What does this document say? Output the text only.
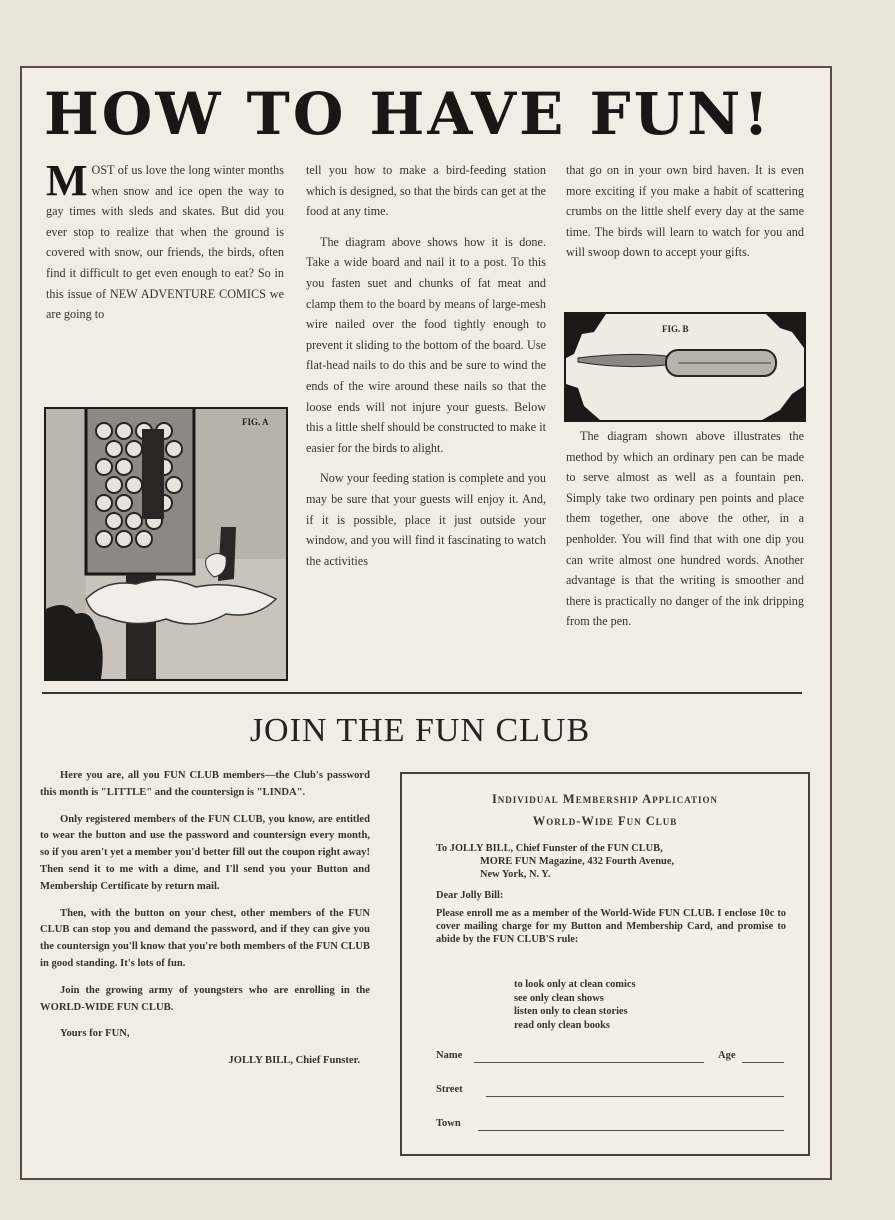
HOW TO HAVE FUN!

MOST of us love the long winter months when snow and ice open the way to gay times with sleds and skates. But did you ever stop to realize that when the ground is covered with snow, our friends, the birds, often find it difficult to get even enough to eat? So in this issue of NEW ADVENTURE COMICS we are going to

FIG. A

tell you how to make a bird-feeding station which is designed, so that the birds can get at the food at any time.

The diagram above shows how it is done. Take a wide board and nail it to a post. To this you fasten suet and chunks of fat meat and clamp them to the board by means of large-mesh wire nailed over the food tightly enough to prevent it sliding to the bottom of the board. Use flat-head nails to do this and be sure to wind the ends of the wire around these nails so that the loose ends will not injure your guests. Below this a little shelf should be constructed to make it easier for the birds to alight.

Now your feeding station is complete and you may be sure that your guests will enjoy it. And, if it is possible, place it just outside your window, and you will find it fascinating to watch the activities

that go on in your own bird haven. It is even more exciting if you make a habit of scattering crumbs on the little shelf every day at the same time. The birds will learn to watch for you and will swoop down to accept your gifts.

FIG. B

The diagram shown above illustrates the method by which an ordinary pen can be made to serve almost as well as a fountain pen. Simply take two ordinary pen points and place them together, one above the other, in a penholder. You will find that with one dip you can write almost one hundred words. Another advantage is that the writing is smoother and there is practically no danger of the ink dripping from the pen.

JOIN THE FUN CLUB

Here you are, all you FUN CLUB members—the Club's password this month is "LITTLE" and the countersign is "LINDA".

Only registered members of the FUN CLUB, you know, are entitled to wear the button and use the password and countersign every month, so if you aren't yet a member you'd better fill out the coupon right away! Then send it to me with a dime, and I'll send you your Button and Membership Certificate by return mail.

Then, with the button on your chest, other members of the FUN CLUB can stop you and demand the password, and if they can give you the countersign you'll know that you're both members of the FUN CLUB in good standing. It's lots of fun.

Join the growing army of youngsters who are enrolling in the WORLD-WIDE FUN CLUB.

Yours for FUN,

JOLLY BILL, Chief Funster.

Individual Membership Application
World-Wide Fun Club
To JOLLY BILL, Chief Funster of the FUN CLUB,
MORE FUN Magazine, 432 Fourth Avenue,
New York, N. Y.
Dear Jolly Bill:
Please enroll me as a member of the World-Wide FUN CLUB. I enclose 10c to cover mailing charge for my Button and Membership Card, and promise to abide by the FUN CLUB'S rule:
to look only at clean comics
see only clean shows
listen only to clean stories
read only clean books
Name	Age
Street
Town
